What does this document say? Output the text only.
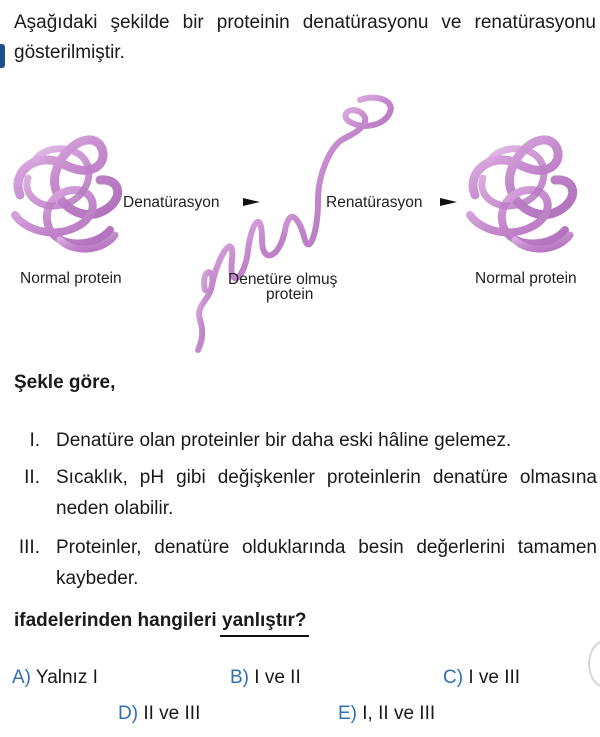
Aşağıdaki şekilde bir proteinin denatürasyonu ve renatürasyonu gösterilmiştir.
Denatürasyon	Renatürasyon
Normal protein	Normal protein
Denetüre olmuş
protein
Şekle göre,
I. Denatüre olan proteinler bir daha eski hâline gelemez.
II. Sıcaklık, pH gibi değişkenler proteinlerin denatüre olmasına neden olabilir.
III. Proteinler, denatüre olduklarında besin değerlerini tamamen kaybeder.
ifadelerinden hangileri yanlıştır?
A) Yalnız I	B) I ve II	C) I ve III
D) II ve III	E) I, II ve III
